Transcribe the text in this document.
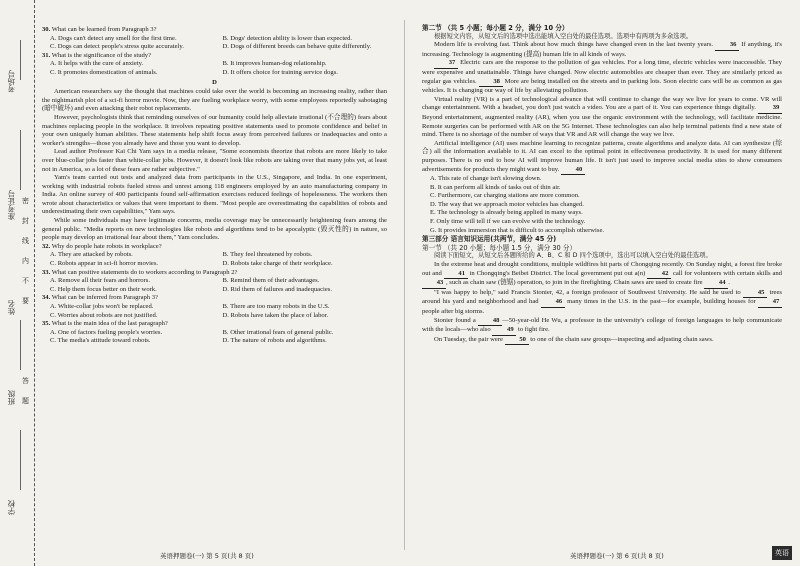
考场号
准考证号
姓名
班级
学校
密
封
线
内
不
要
答
题

30. What can be learned from Paragraph 3?

A. Dogs can't detect any smell for the first time.	B. Dogs' detection ability is lower than expected.
C. Dogs can detect people's stress quite accurately.	D. Dogs of different breeds can behave quite differently.

31. What is the significance of the study?

A. It helps with the cure of anxiety.	B. It improves human-dog relationship.
C. It promotes domestication of animals.	D. It offers choice for training service dogs.

D

American researchers say the thought that machines could take over the world is becoming an increasing reality, rather than the nightmarish plot of a sci-fi horror movie. Now, they are fueling workplace worry, with some employees reportedly sabotaging (暗中破坏) and even attacking their robot replacements.

However, psychologists think that reminding ourselves of our humanity could help alleviate irrational (不合理的) fears about machines replacing people in the workplace. It involves repeating positive statements used to promote confidence and belief in your own uniquely human abilities. These statements help shift focus away from perceived failures or inadequacies and onto a worker's strengths—those you already have and those you want to develop.

Lead author Professor Kai Chi Yam says in a media release, "Some economists theorize that robots are more likely to take over blue-collar jobs faster than white-collar jobs. However, it doesn't look like robots are taking over that many jobs yet, at least not in America, so a lot of these fears are rather subjective."

Yam's team carried out tests and analyzed data from participants in the U.S., Singapore, and India. In one experiment, working with industrial robots fueled stress and unrest among 118 engineers employed by an auto manufacturing company in India. An online survey of 400 participants found self-affirmation exercises reduced feelings of hopelessness. The workers then wrote about characteristics or values that were important to them. "Most people are overestimating the capabilities of robots and underestimating their own capabilities," Yam says.

While some individuals may have legitimate concerns, media coverage may be unnecessarily heightening fears among the general public. "Media reports on new technologies like robots and algorithms tend to be apocalyptic (毁灭性的) in nature, so people may develop an irrational fear about them," Yam concludes.

32. Why do people hate robots in workplace?

A. They are attacked by robots.	B. They feel threatened by robots.
C. Robots appear in sci-fi horror movies.	D. Robots take charge of their workplace.

33. What can positive statements do to workers according to Paragraph 2?

A. Remove all their fears and horrors.	B. Remind them of their advantages.
C. Help them focus better on their work.	D. Rid them of failures and inadequacies.

34. What can be inferred from Paragraph 3?

A. White-collar jobs won't be replaced.	B. There are too many robots in the U.S.
C. Worries about robots are not justified.	D. Robots have taken the place of labor.

35. What is the main idea of the last paragraph?

A. One of factors fueling people's worries.	B. Other irrational fears of general public.
C. The media's attitude toward robots.	D. The nature of robots and algorithms.
英语押题卷(一) 第 5 页(共 8 页)

第二节 （共 5 小题；每小题 2 分，满分 10 分）

根据短文内容，从短文后的选项中选出能填入空白处的最佳选项。选项中有两项为多余选项。

Modern life is evolving fast. Think about how much things have changed even in the last twenty years.	36 If anything, it's increasing. Technology is augmenting (提高) human life in all kinds of ways.

37 Electric cars are the response to the pollution of gas vehicles. For a long time, electric vehicles were inaccessible. They were expensive and unattainable. Things have changed. Now electric automobiles are cheaper than ever. They are similarly priced as regular gas vehicles.	38 More are being installed on the streets and in parking lots. Soon electric cars will be as common as gas vehicles. It is changing our way of life by alleviating pollution.

Virtual reality (VR) is a part of technological advance that will continue to change the way we live for years to come. VR will change entertainment. With a headset, you don't just watch a video. You are a part of it. You can experience things digitally.	39 Beyond entertainment, augmented reality (AR), when you use the organic environment with the technology, will facilitate medicine. Remote surgeries can be performed with AR on the 5G Internet. These technologies can also help terminal patients find a new state of mind. There is no shortage of the number of ways that VR and AR will change the way we live.

Artificial intelligence (AI) uses machine learning to recognize patterns, create algorithms and analyze data. AI can synthesize (综合) all the information available to it. AI can excel to the optimal point in effectiveness productivity. It is used for many different purposes. There is no end to how AI will improve human life. It isn't just used to improve social media sites to show consumers advertisements for products they might want to buy. 40

A. This rate of change isn't slowing down.

B. It can perform all kinds of tasks out of thin air.

C. Furthermore, car charging stations are more common.

D. The way that we approach motor vehicles has changed.

E. The technology is already being applied in many ways.

F. Only time will tell if we can evolve with the technology.

G. It provides immersion that is difficult to accomplish otherwise.

第三部分 语言知识运用(共两节，满分 45 分)

第一节 （共 20 小题；每小题 1.5 分，满分 30 分）

阅读下面短文，从短文后各题所给的 A、B、C 和 D 四个选项中，选出可以填入空白处的最佳选项。

In the extreme heat and drought conditions, multiple wildfires hit parts of Chongqing recently. On Sunday night, a forest fire broke out and	41 in Chongqing's Beibei District. The local government put out a(n)	42 call for volunteers with certain skills and 43 , such as chain saw (链锯) operation, to join in the firefighting. Chain saws are used to create fire 44 .

"I was happy to help," said Francis Stonier, 42, a foreign professor of Southwest University. He said he used to	45 trees around his yard and neighborhood and had	46 many times in the U.S. in the past—for example, building houses for	47 people after big storms.

Stonier found a	48 —50-year-old He Wu, a professor in the university's college of foreign languages to help communicate with the locals—who also 49 to fight fire.

On Tuesday, the pair were 50 to one of the chain saw groups—inspecting and adjusting chain saws.

英语押题卷(一) 第 6 页(共 8 页)	英语
